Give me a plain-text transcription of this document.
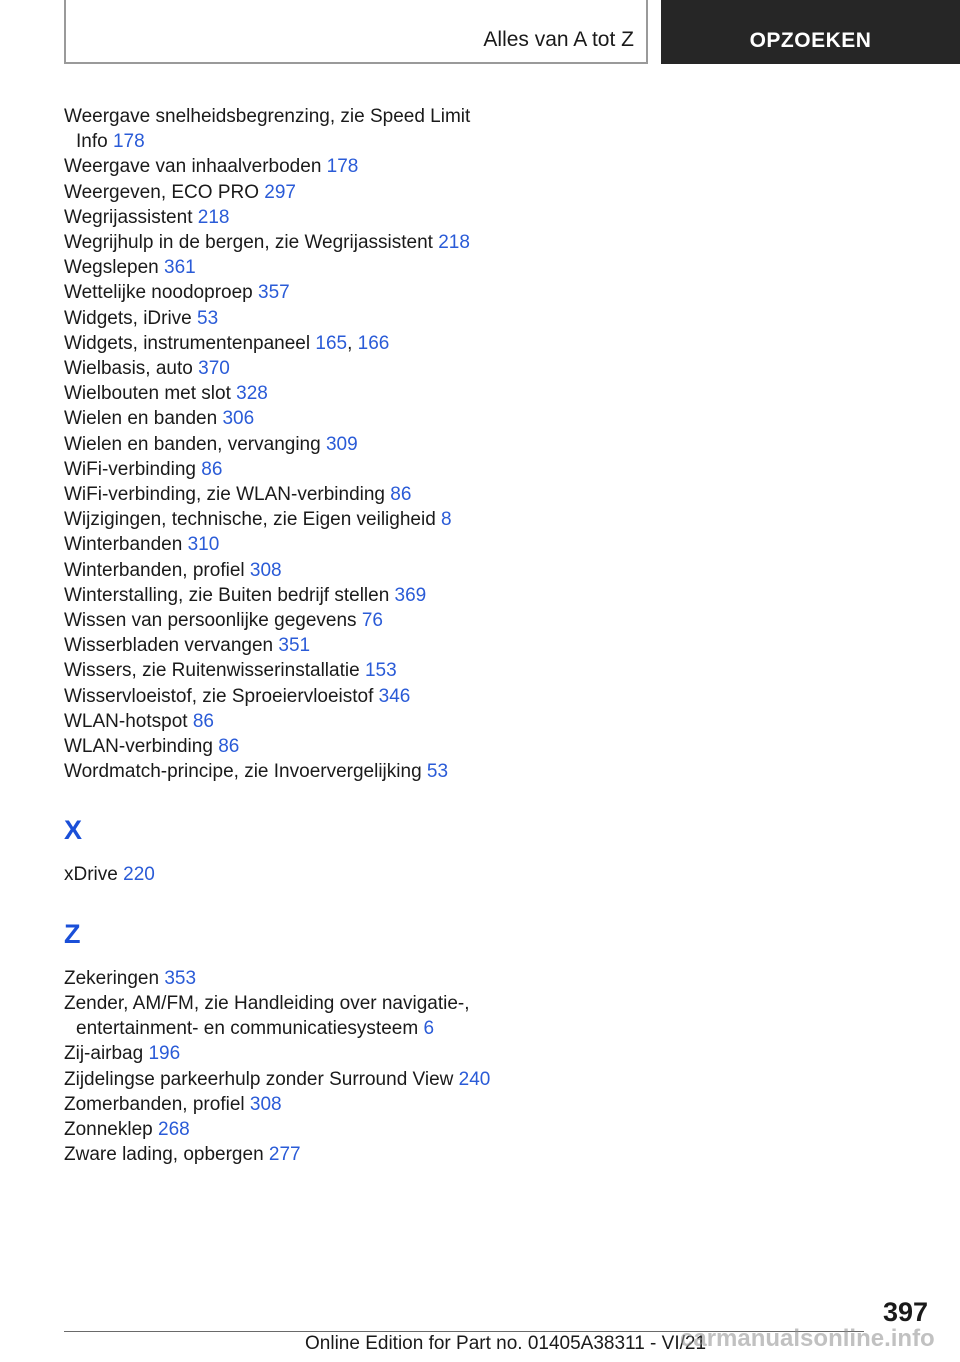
Alles van A tot Z	OPZOEKEN
Weergave snelheidsbegrenzing, zie Speed Limit Info 178
Weergave van inhaalverboden 178
Weergeven, ECO PRO 297
Wegrijassistent 218
Wegrijhulp in de bergen, zie Wegrijassistent 218
Wegslepen 361
Wettelijke noodoproep 357
Widgets, iDrive 53
Widgets, instrumentenpaneel 165, 166
Wielbasis, auto 370
Wielbouten met slot 328
Wielen en banden 306
Wielen en banden, vervanging 309
WiFi-verbinding 86
WiFi-verbinding, zie WLAN-verbinding 86
Wijzigingen, technische, zie Eigen veiligheid 8
Winterbanden 310
Winterbanden, profiel 308
Winterstalling, zie Buiten bedrijf stellen 369
Wissen van persoonlijke gegevens 76
Wisserbladen vervangen 351
Wissers, zie Ruitenwisserinstallatie 153
Wisservloeistof, zie Sproeiervloeistof 346
WLAN-hotspot 86
WLAN-verbinding 86
Wordmatch-principe, zie Invoervergelijking 53
X
xDrive 220
Z
Zekeringen 353
Zender, AM/FM, zie Handleiding over navigatie-, entertainment- en communicatiesysteem 6
Zij-airbag 196
Zijdelingse parkeerhulp zonder Surround View 240
Zomerbanden, profiel 308
Zonneklep 268
Zware lading, opbergen 277
397
Online Edition for Part no. 01405A38311 - VI/21
carmanualsonline.info
